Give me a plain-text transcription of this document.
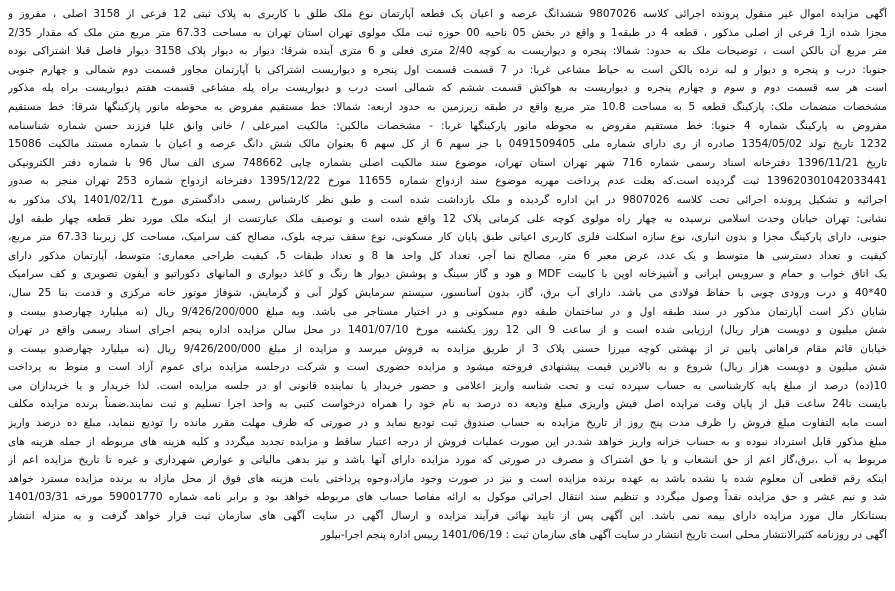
آگهی مزایده اموال غیر منقول پرونده اجرائی کلاسه 9807026 ششدانگ عرصه و اعیان یک قطعه آپارتمان نوع ملک طلق با کاربری به پلاک ثبتی 12 فرعی از 3158 اصلی ، مفروز و
مجزا شده از1 فرعی از اصلی مذکور ، قطعه 4 در طبقه1 و واقع در بخش 05 ناحیه 00 حوزه ثبت ملک مولوی تهران استان تهران به مساحت 67.33 متر مربع متن ملک که مقدار 2/35
متر مربع آن بالکن است ، توضیحات ملک به حدود: شمالا: پنجره و دیواریست به کوچه 2/40 متری فعلی و 6 متری آینده شرقا: دیوار به دیوار پلاک 3158 دیوار فاصل قبلا اشتراکی بوده
جنوبا: درب و پنجره و دیوار و لبه نرده بالکن است به حیاط مشاعی غربا: در 7 قسمت قسمت اول پنجره و دیواریست اشتراکی با آپارتمان مجاور قسمت دوم شمالی و چهارم جنوبی
است هر سه قسمت دوم و سوم و چهارم پنجره و دیواریست به هواکش قسمت ششم که شمالی است درب و دیواریست براه پله مشاعی قسمت هفتم دیواریست براه پله مذکور
مشخصات منضمات ملک: پارکینگ قطعه 5 به مساحت 10.8 متر مربع واقع در طبقه زیرزمین به حدود اربعه: شمالا: خط مستقیم مفروض به محوطه مانور پارکینگها شرقا: خط مستقیم
مفروض به پارکینگ شماره 4 جنوبا: خط مستقیم مفروض به محوطه مانور پارکینگها غربا: - مشخصات مالکین: مالکیت امیرعلی / خانی وانق علیا فرزند حسن شماره شناسنامه
1232 تاریخ تولد 1354/05/02 صادره از ری دارای شماره ملی 0491509405 با جز سهم 6 از کل سهم 6 بعنوان مالک شش دانگ عرصه و اعیان با شماره مستند مالکیت 15086
تاریخ 1396/11/21 دفترخانه اسناد رسمی شماره 716 شهر تهران استان تهران، موضوع سند مالکیت اصلی بشماره چاپی 748662 سری الف سال 96 با شماره دفتر الکترونیکی
139620301042033441 ثبت گردیده است.که بعلت عدم پرداخت مهریه موضوع سند ازدواج شماره 11655 مورخ 1395/12/22 دفترخانه ازدواج شماره 253 تهران منجر به صدور
اجرائیه و تشکیل پرونده اجرائی تحت کلاسه 9807026 در این اداره گردیده و ملک بازداشت شده است و طبق نظر کارشناس رسمی دادگستری مورخ 1401/02/11 پلاک مذکور به
نشانی: تهران خیابان وحدت اسلامی نرسیده به چهار راه مولوی کوچه علی کرمانی پلاک 12 واقع شده است و توصیف ملک عبارتست از اینکه ملک مورد نظر قطعه چهار طبقه اول
جنوبی، دارای پارکینگ مجزا و بدون انباری، نوع سازه اسکلت فلزی کاربری اعیانی طبق پایان کار مسکونی، نوع سقف تیرچه بلوک، مصالح کف سرامیک، مساحت کل زیربنا 67.33 متر مربع،
کیفیت و تعداد دسترسی ها متوسط و یک عدد، عرض معبر 6 متر، مصالح نما آجر، تعداد کل واحد ها 8 و تعداد طبقات 5، کیفیت طراحی معماری: متوسط، آپارتمان مذکور دارای
یک اتاق خواب و حمام و سرویس ایرانی و آشپزخانه اوپن با کابینت MDF و هود و گاز سینگ و پوشش دیوار ها رنگ و کاغذ دیواری و المانهای دکوراتیو و آیفون تصویری و کف سرامیک
40*40 و درب ورودی چوبی با حفاظ فولادی می باشد. دارای آب برق، گاز، بدون آسانسور، سیستم سرمایش کولر آبی و گرمایش، شوفاژ موتور خانه مرکزی و قدمت بنا 25 سال،
شایان ذکر است آپارتمان مذکور در سند طبقه اول و در ساختمان طبقه دوم مسکونی و در اختیار مستاجر می باشد. وبه مبلغ 9/426/200/000 ریال (نه میلیارد چهارصدو بیست و
شش میلیون و دویست هزار ریال) ارزیابی شده است و از ساعت 9 الی 12 روز یکشنبه مورخ 1401/07/10 در محل سالن مزایده اداره پنجم اجرای اسناد رسمی واقع در تهران
خیابان قائم مقام فراهانی پایین تر از بهشتی کوچه میرزا حسنی پلاک 3 از طریق مزایده به فروش میرسد و مزایده از مبلغ 9/426/200/000 ریال (نه میلیارد چهارصدو بیست و
شش میلیون و دویست هزار ریال) شروع و به بالاترین قیمت پیشنهادی فروخته میشود و مزایده حضوری است و شرکت درجلسه مزایده برای عموم آزاد است و منوط به پرداخت
10(ده) درصد از مبلغ پایه کارشناسی به حساب سپرده ثبت و تحت شناسه واریز اعلامی و حضور خریدار یا نماینده قانونی او در جلسه مزایده است. لذا خریدار و یا خریداران می
بایست تا24 ساعت قبل از پایان وقت مزایده اصل فیش واریزی مبلغ ودیعه ده درصد به نام خود را همراه درخواست کتبی به واحد اجرا تسلیم و ثبت نمایند.ضمناً برنده مزایده مکلف
است مابه التفاوت مبلغ فروش را ظرف مدت پنج روز از تاریخ مزایده به حساب صندوق ثبت تودیع نماید و در صورتی که ظرف مهلت مقرر مانده را تودیع ننماید، مبلغ ده درصد واریز
مبلغ مذکور قابل استرداد نبوده و به حساب خزانه واریز خواهد شد.در این صورت عملیات فروش از درجه اعتبار ساقط و مزایده تجدید میگردد و کلیه هزینه های مربوطه از جمله هزینه های
مربوط به آب ،برق،گاز اعم از حق انشعاب و یا حق اشتراک و مصرف در صورتی که مورد مزایده دارای آنها باشد و نیز بدهی مالیاتی و عوارض شهرداری و غیره تا تاریخ مزایده اعم از
اینکه رقم قطعی آن معلوم شده یا نشده باشد به عهده برنده مزایده است و نیز در صورت وجود مازاد،وجوه پرداختی بابت هزینه های فوق از محل مازاد به برنده مزایده مسترد خواهد
شد و نیم عشر و حق مزایده نقداً وصول میگردد و تنظیم سند انتقال اجرائی موکول به ارائه مفاصا حساب های مربوطه خواهد بود و برابر نامه شماره 59001770 مورخه 1401/03/31
بستانکار مال مورد مزایده دارای بیمه نمی باشد. این آگهی پس از تایید نهائی فرآیند مزایده و ارسال آگهی در سایت آگهی های سازمان ثبت قرار خواهد گرفت و به منزله انتشار
آگهی در روزنامه کثیرالانتشار محلی است تاریخ انتشار در سایت آگهی های سازمان ثبت : 1401/06/19 رییس اداره پنجم اجرا-بیلور
